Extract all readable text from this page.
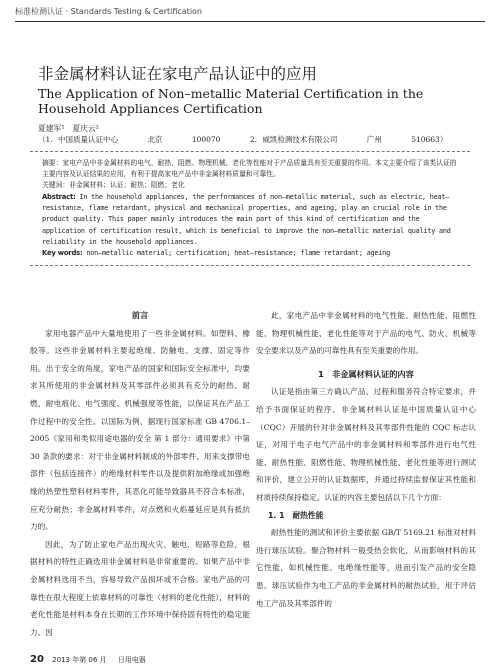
标准检测认证 · Standards Testing & Certification
非金属材料认证在家电产品认证中的应用
The Application of Non–metallic Material Certification in the Household Appliances Certification
夏建军¹　夏庆云²
（1. 中国质量认证中心	北京	100070	2. 威凯检测技术有限公司	广州	510663）
摘要：家电产品中非金属材料的电气、耐热、阻燃、物理机械、老化等性能对于产品质量具有至关重要的作用。本文主要介绍了该类认证的主要内容及认证结果的应用，有利于提高家电产品中非金属材料质量和可靠性。
关键词：非金属材料；认证；耐热；阻燃；老化
Abstract: In the household appliances, the performances of non–metallic material, such as electric, heat–resistance, flame retardant, physical and mechanical properties, and ageing, play an crucial role in the product quality. This paper mainly introduces the main part of this kind of certification and the application of certification result, which is beneficial to improve the non–metallic material quality and reliability in the household appliances.
Key words: non–metallic material; certification; heat–resistance; flame retardant; ageing
前言

家用电器产品中大量地使用了一些非金属材料。如塑料、橡胶等。这些非金属材料主要起绝缘、防触电、支撑、固定等作用。出于安全的角度，家电产品的国家和国际安全标准中，均要求其所使用的非金属材料及其零部件必须具有充分的耐热、耐燃、耐电痕化、电气强度、机械强度等性能，以保证其在产品工作过程中的安全性。以国际为例，据现行国家标准 GB 4706.1–2005《家用和类似用途电器的安全 第 1 部分：通用要求》中第 30 条款的要求：对于非金属材料制成的外部零件、用来支撑带电部件（包括连接件）的绝缘材料零件以及提供附加绝缘或加强绝缘的热塑性塑料材料零件，其恶化可能导致器具不符合本标准，应充分耐热；非金属材料零件，对点燃和火焰蔓延应是具有抵抗力的。

因此，为了防止家电产品出现火灾、触电、短路等危险，根据材料的特性正确选用非金属材料是非常重要的。如果产品中非金属材料选用不当，容易导致产品损坏或不合格。家电产品的可靠性在很大程度上依靠材料的可靠性（材料的老化性能），材料的老化性能是材料本身在长期的工作环境中保持固有特性的稳定能力。因

此，家电产品中非金属材料的电气性能、耐热性能、阻燃性能、物理机械性能、老化性能等对于产品的电气、防火、机械等安全要求以及产品的可靠性具有至关重要的作用。

1　非金属材料认证的内容

认证是指由第三方确认产品、过程和服务符合特定要求，并给予书面保证的程序。非金属材料认证是中国质量认证中心（CQC）开展的针对非金属材料及其零部件性能的 CQC 标志认证，对用于电子电气产品中的非金属材料和零部件进行电气性能、耐热性能、阻燃性能、物理机械性能、老化性能等进行测试和评价，建立公开的认证数据库，并通过持续监督保证其性能和材质持续保持稳定。认证的内容主要包括以下几个方面：

1. 1　耐热性能

耐热性能的测试和评价主要依据 GB/T 5169.21 标准对材料进行球压试验。聚合物材料一般受热会软化，从而影响材料的其它性能，如机械性能、电绝缘性能等，进而引发产品的安全隐患。球压试验作为电工产品的非金属材料的耐热试验，用于评估电工产品及其零部件的

20 2013 年第 06 月 日用电器
